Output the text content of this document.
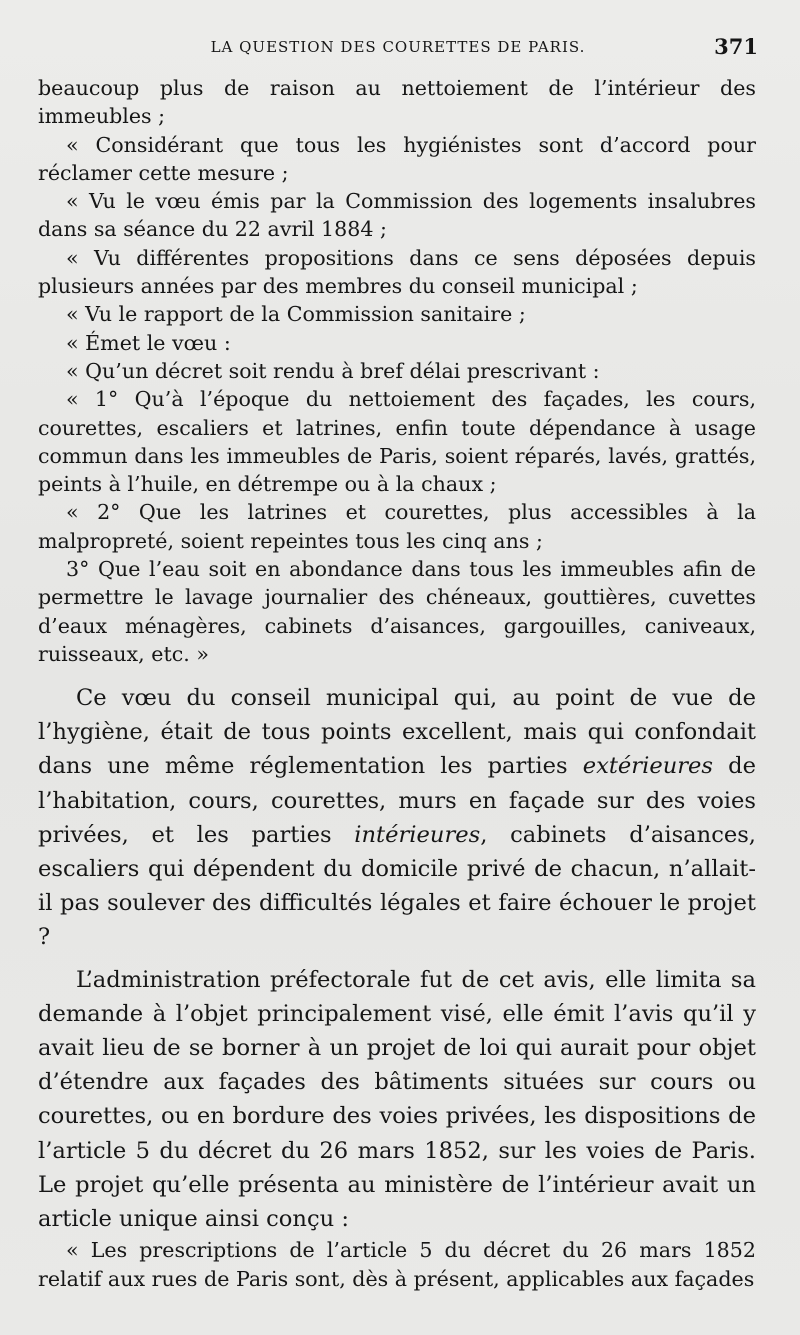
LA QUESTION DES COURETTES DE PARIS.	371

beaucoup plus de raison au nettoiement de l’intérieur des immeubles ;

« Considérant que tous les hygiénistes sont d’accord pour réclamer cette mesure ;

« Vu le vœu émis par la Commission des logements insalubres dans sa séance du 22 avril 1884 ;

« Vu différentes propositions dans ce sens déposées depuis plusieurs années par des membres du conseil municipal ;

« Vu le rapport de la Commission sanitaire ;

« Émet le vœu :

« Qu’un décret soit rendu à bref délai prescrivant :

« 1° Qu’à l’époque du nettoiement des façades, les cours, courettes, escaliers et latrines, enfin toute dépendance à usage commun dans les immeubles de Paris, soient réparés, lavés, grattés, peints à l’huile, en détrempe ou à la chaux ;

« 2° Que les latrines et courettes, plus accessibles à la malpropreté, soient repeintes tous les cinq ans ;

3° Que l’eau soit en abondance dans tous les immeubles afin de permettre le lavage journalier des chéneaux, gouttières, cuvettes d’eaux ménagères, cabinets d’aisances, gargouilles, caniveaux, ruisseaux, etc. »

Ce vœu du conseil municipal qui, au point de vue de l’hygiène, était de tous points excellent, mais qui confondait dans une même réglementation les parties extérieures de l’habitation, cours, courettes, murs en façade sur des voies privées, et les parties intérieures, cabinets d’aisances, escaliers qui dépendent du domicile privé de chacun, n’allait-il pas soulever des difficultés légales et faire échouer le projet ?

L’administration préfectorale fut de cet avis, elle limita sa demande à l’objet principalement visé, elle émit l’avis qu’il y avait lieu de se borner à un projet de loi qui aurait pour objet d’étendre aux façades des bâtiments situées sur cours ou courettes, ou en bordure des voies privées, les dispositions de l’article 5 du décret du 26 mars 1852, sur les voies de Paris. Le projet qu’elle présenta au ministère de l’intérieur avait un article unique ainsi conçu :

« Les prescriptions de l’article 5 du décret du 26 mars 1852 relatif aux rues de Paris sont, dès à présent, applicables aux façades
